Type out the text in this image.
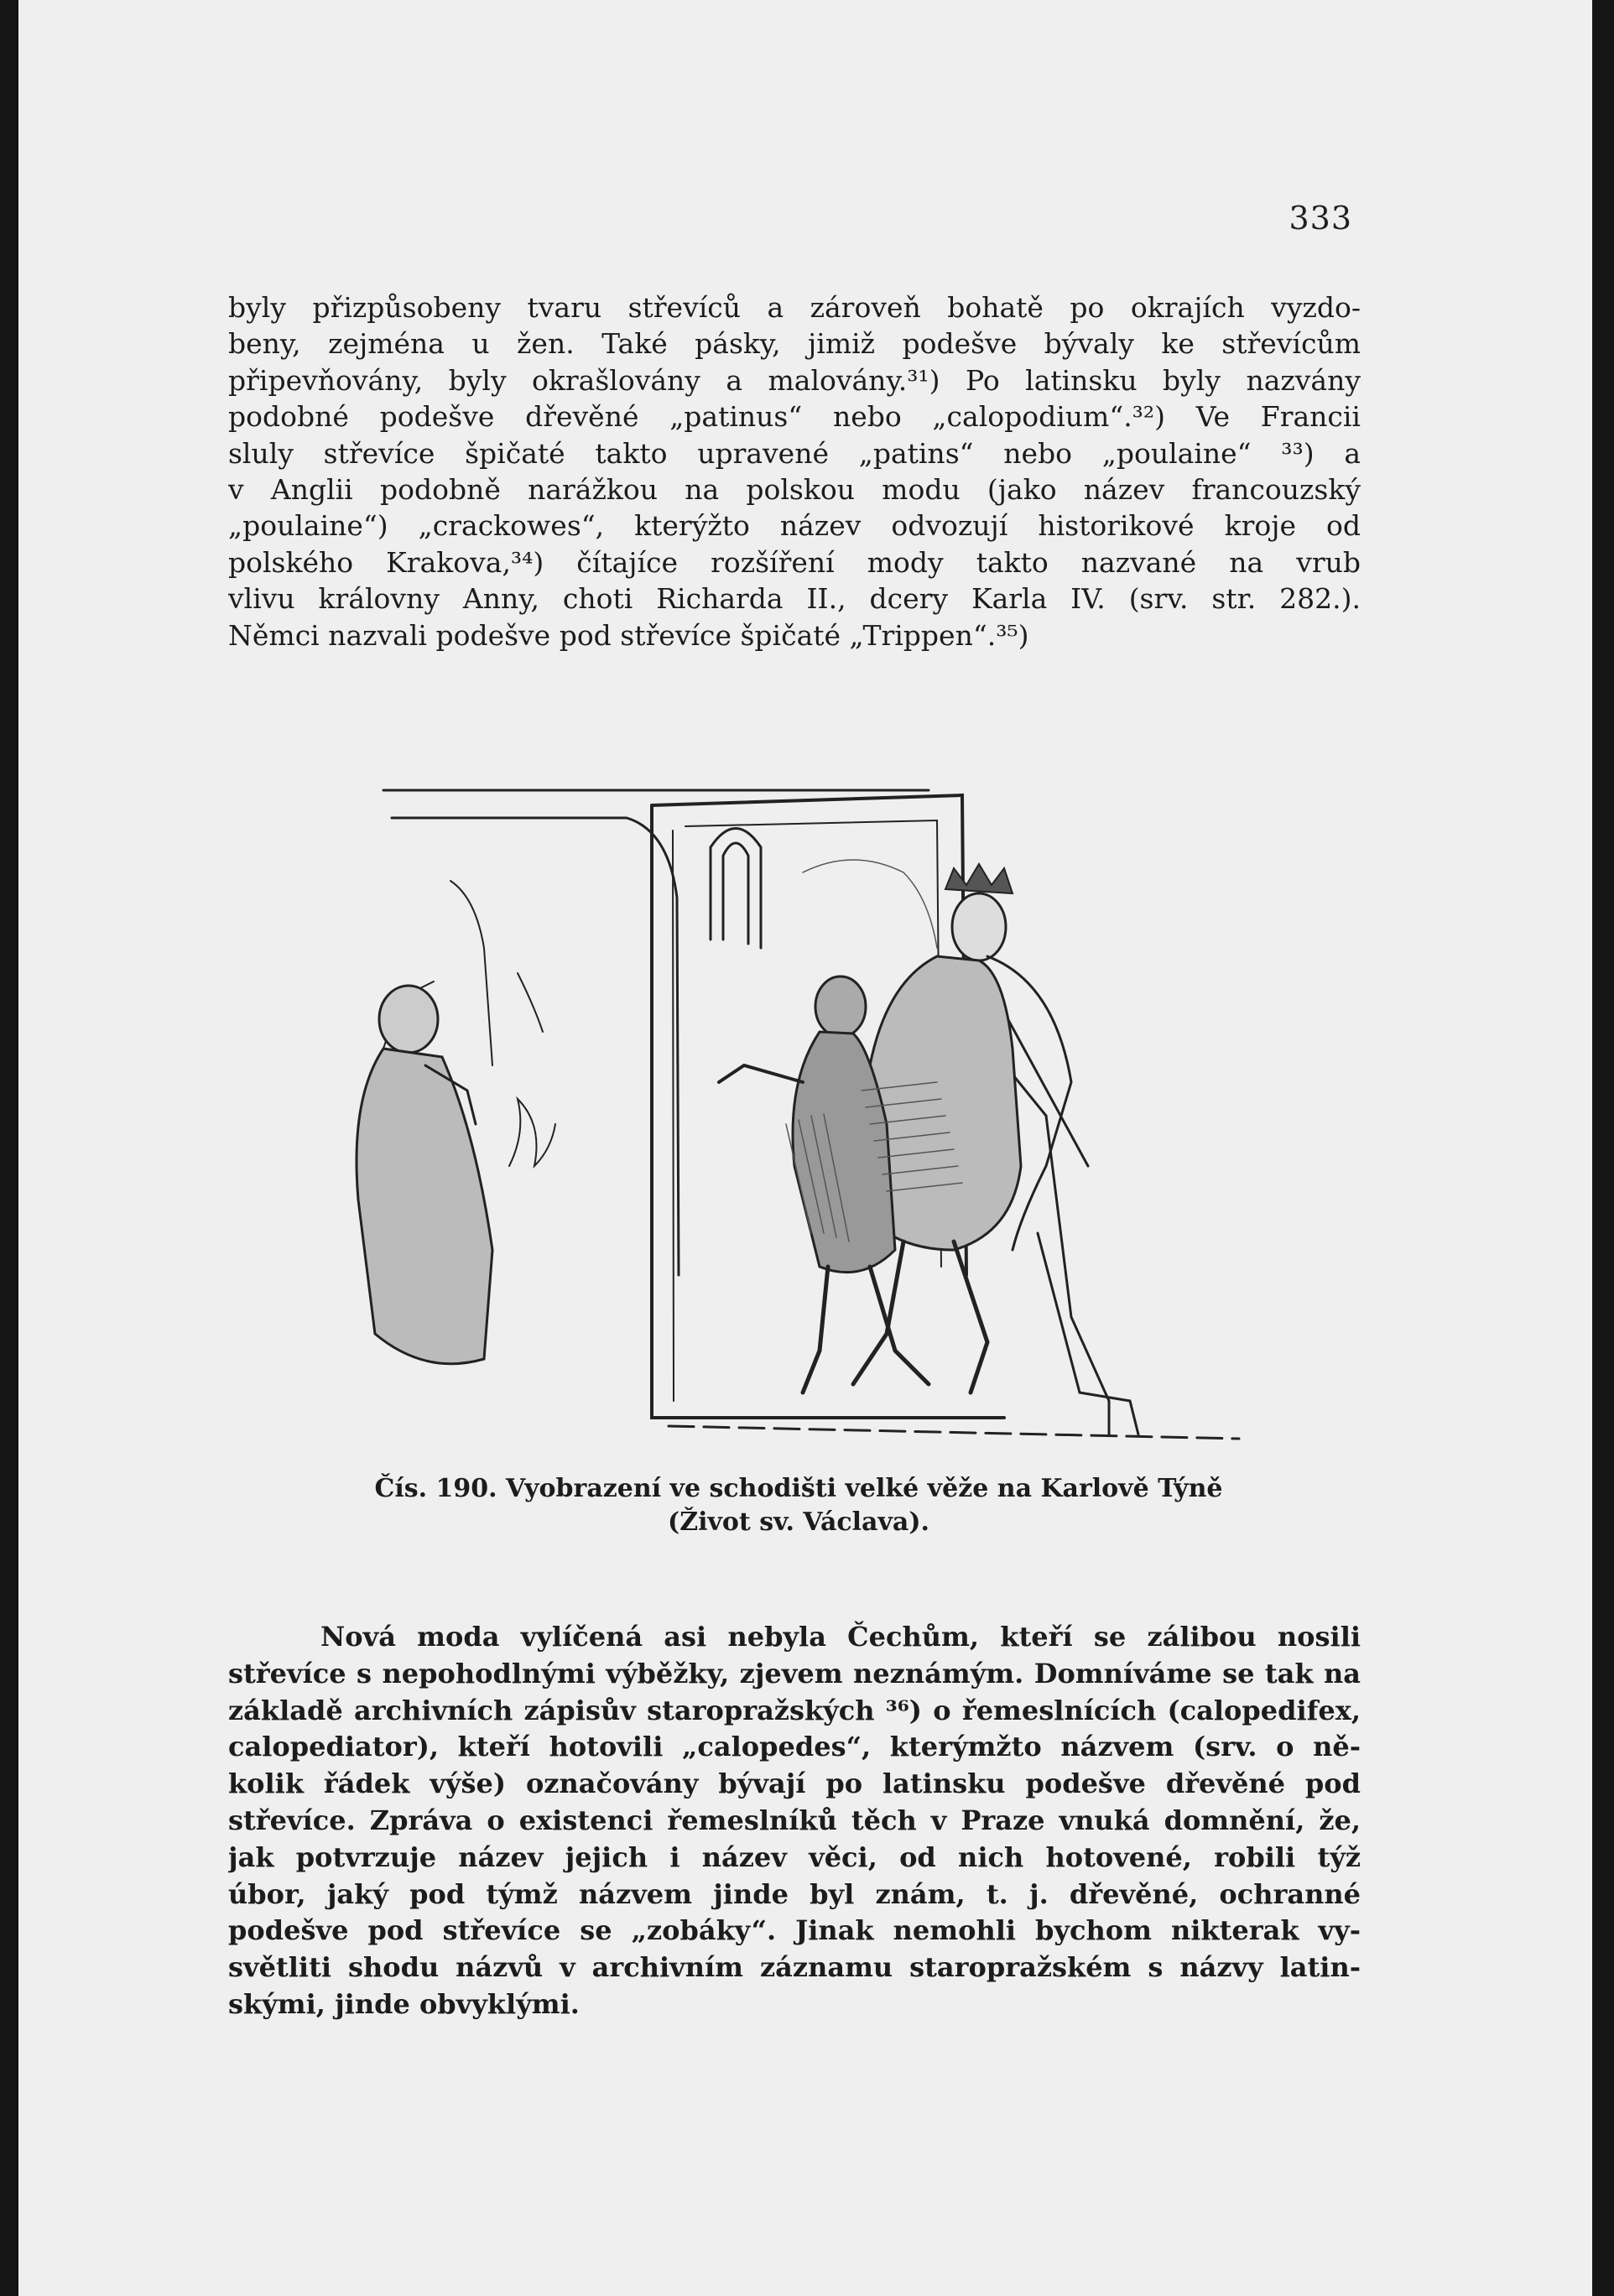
333
byly přizpůsobeny tvaru střevíců a zároveň bohatě po okrajích vyzdo-
beny, zejména u žen. Také pásky, jimiž podešve bývaly ke střevícům
připevňovány, byly okrašlovány a malovány.³¹) Po latinsku byly nazvány
podobné podešve dřevěné „patinus“ nebo „calopodium“.³²) Ve Francii
sluly střevíce špičaté takto upravené „patins“ nebo „poulaine“ ³³) a
v Anglii podobně narážkou na polskou modu (jako název francouzský
„poulaine“) „crackowes“, kterýžto název odvozují historikové kroje od
polského Krakova,³⁴) čítajíce rozšíření mody takto nazvané na vrub
vlivu královny Anny, choti Richarda II., dcery Karla IV. (srv. str. 282.).
Němci nazvali podešve pod střevíce špičaté „Trippen“.³⁵)
Čís. 190. Vyobrazení ve schodišti velké věže na Karlově Týně
(Život sv. Václava).
Nová moda vylíčená asi nebyla Čechům, kteří se zálibou nosili
střevíce s nepohodlnými výběžky, zjevem neznámým. Domníváme se tak na
základě archivních zápisův staropražských ³⁶) o řemeslnících (calopedifex,
calopediator), kteří hotovili „calopedes“, kterýmžto názvem (srv. o ně-
kolik řádek výše) označovány bývají po latinsku podešve dřevěné pod
střevíce. Zpráva o existenci řemeslníků těch v Praze vnuká domnění, že,
jak potvrzuje název jejich i název věci, od nich hotovené, robili týž
úbor, jaký pod týmž názvem jinde byl znám, t. j. dřevěné, ochranné
podešve pod střevíce se „zobáky“. Jinak nemohli bychom nikterak vy-
světliti shodu názvů v archivním záznamu staropražském s názvy latin-
skými, jinde obvyklými.
